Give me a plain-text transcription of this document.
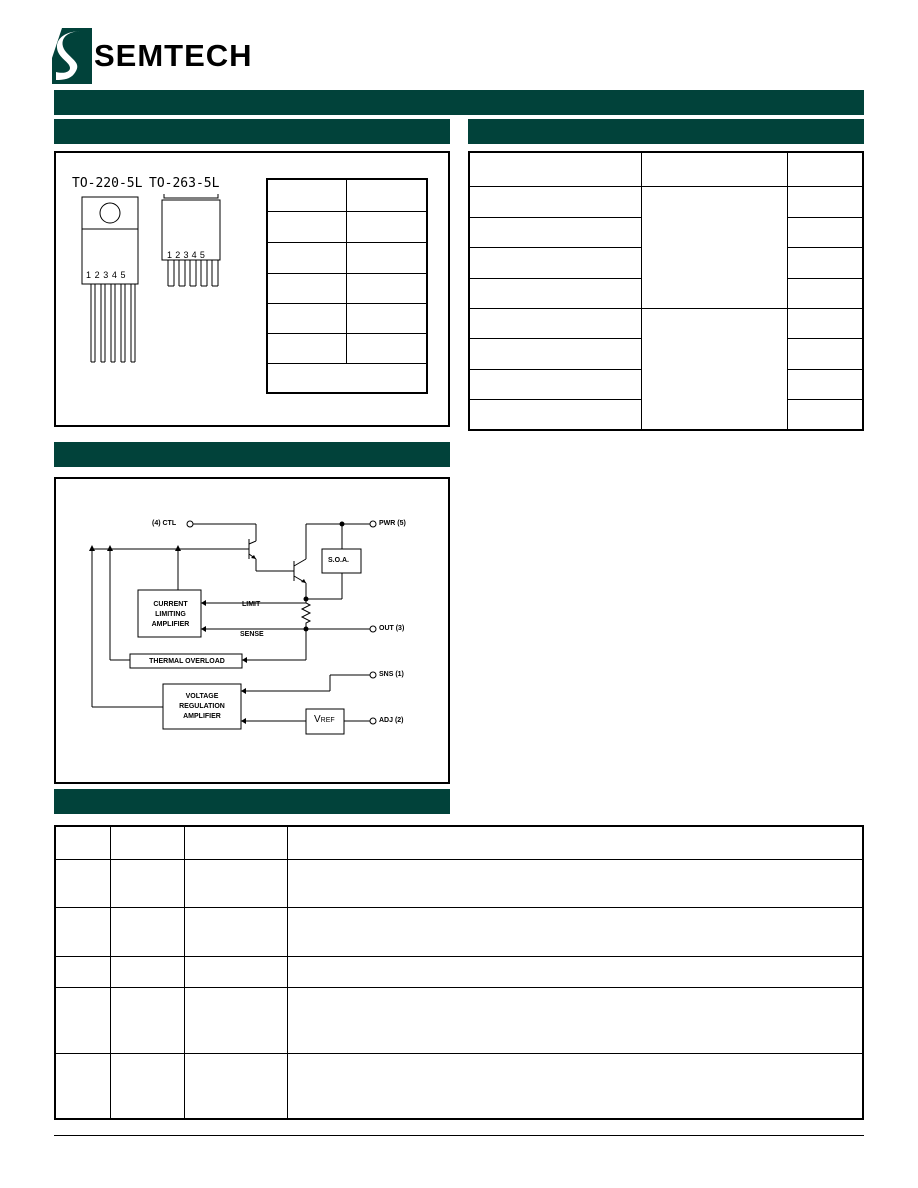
SEMTECH
TO-220-5L TO-263-5L
12345
12345

(4) CTL	PWR (5)
S.O.A.
CURRENT
LIMITING
AMPLIFIER
LIMIT
SENSE
OUT (3)
THERMAL OVERLOAD
SNS (1)
VOLTAGE
REGULATION
AMPLIFIER	VREF	ADJ (2)
